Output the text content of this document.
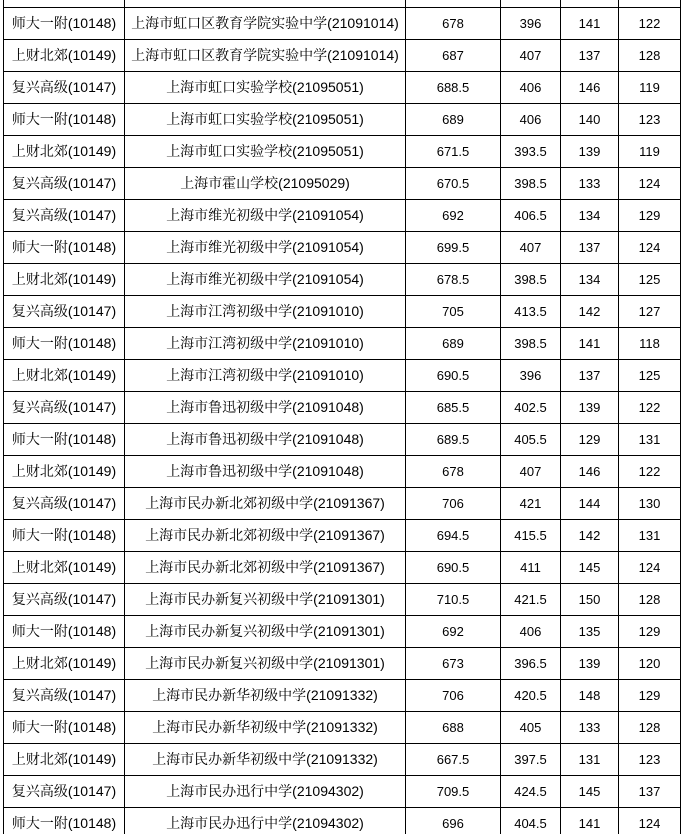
师大一附(10148)	上海市虹口区教育学院实验中学(21091014)	678	396	141	122
上财北郊(10149)	上海市虹口区教育学院实验中学(21091014)	687	407	137	128
复兴高级(10147)	上海市虹口实验学校(21095051)	688.5	406	146	119
师大一附(10148)	上海市虹口实验学校(21095051)	689	406	140	123
上财北郊(10149)	上海市虹口实验学校(21095051)	671.5	393.5	139	119
复兴高级(10147)	上海市霍山学校(21095029)	670.5	398.5	133	124
复兴高级(10147)	上海市维光初级中学(21091054)	692	406.5	134	129
师大一附(10148)	上海市维光初级中学(21091054)	699.5	407	137	124
上财北郊(10149)	上海市维光初级中学(21091054)	678.5	398.5	134	125
复兴高级(10147)	上海市江湾初级中学(21091010)	705	413.5	142	127
师大一附(10148)	上海市江湾初级中学(21091010)	689	398.5	141	118
上财北郊(10149)	上海市江湾初级中学(21091010)	690.5	396	137	125
复兴高级(10147)	上海市鲁迅初级中学(21091048)	685.5	402.5	139	122
师大一附(10148)	上海市鲁迅初级中学(21091048)	689.5	405.5	129	131
上财北郊(10149)	上海市鲁迅初级中学(21091048)	678	407	146	122
复兴高级(10147)	上海市民办新北郊初级中学(21091367)	706	421	144	130
师大一附(10148)	上海市民办新北郊初级中学(21091367)	694.5	415.5	142	131
上财北郊(10149)	上海市民办新北郊初级中学(21091367)	690.5	411	145	124
复兴高级(10147)	上海市民办新复兴初级中学(21091301)	710.5	421.5	150	128
师大一附(10148)	上海市民办新复兴初级中学(21091301)	692	406	135	129
上财北郊(10149)	上海市民办新复兴初级中学(21091301)	673	396.5	139	120
复兴高级(10147)	上海市民办新华初级中学(21091332)	706	420.5	148	129
师大一附(10148)	上海市民办新华初级中学(21091332)	688	405	133	128
上财北郊(10149)	上海市民办新华初级中学(21091332)	667.5	397.5	131	123
复兴高级(10147)	上海市民办迅行中学(21094302)	709.5	424.5	145	137
师大一附(10148)	上海市民办迅行中学(21094302)	696	404.5	141	124
